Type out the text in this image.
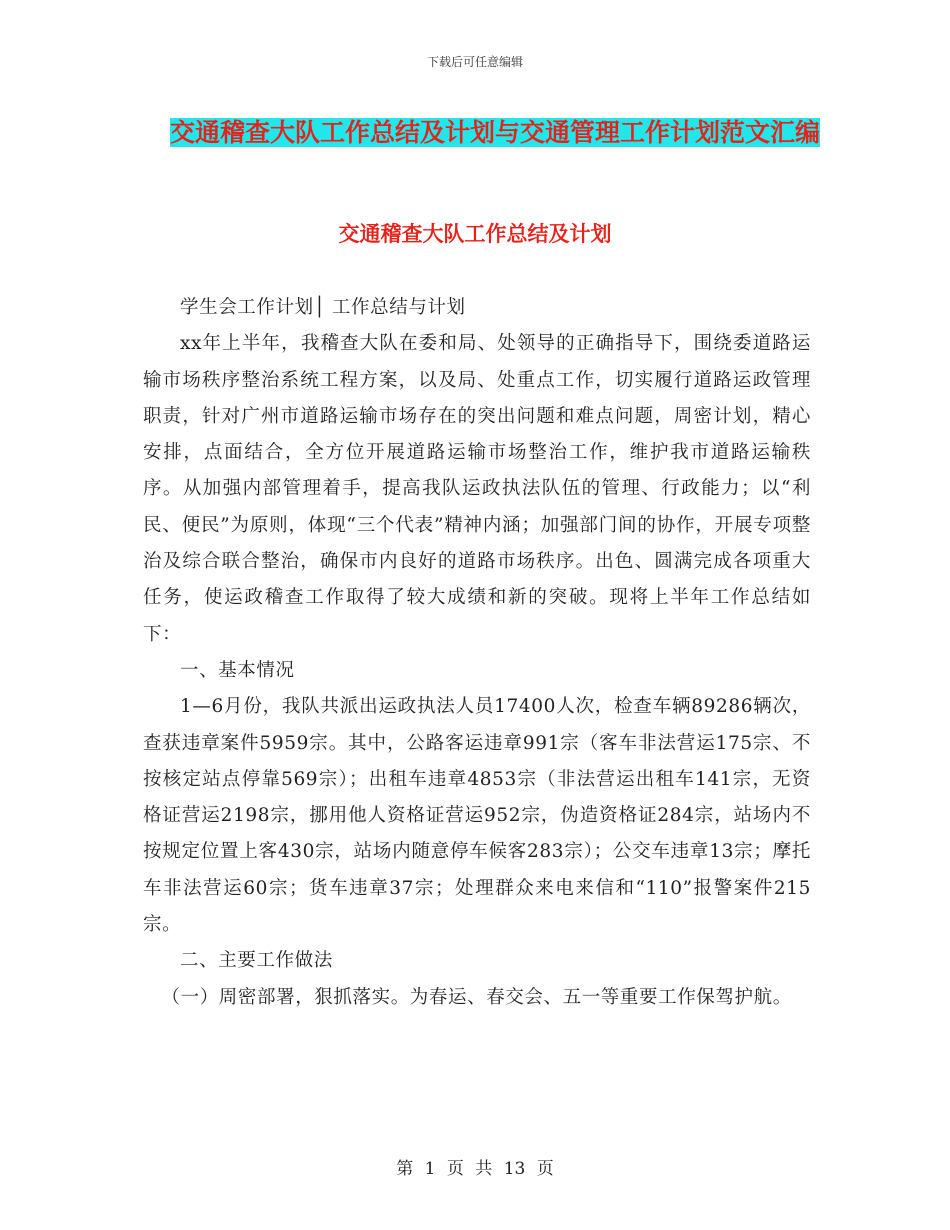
下载后可任意编辑
交通稽查大队工作总结及计划与交通管理工作计划范文汇编
交通稽查大队工作总结及计划

学生会工作计划│ 工作总结与计划

xx年上半年，我稽查大队在委和局、处领导的正确指导下，围绕委道路运输市场秩序整治系统工程方案，以及局、处重点工作，切实履行道路运政管理职责，针对广州市道路运输市场存在的突出问题和难点问题，周密计划，精心安排，点面结合，全方位开展道路运输市场整治工作，维护我市道路运输秩序。从加强内部管理着手，提高我队运政执法队伍的管理、行政能力；以“利民、便民”为原则，体现“三个代表”精神内涵；加强部门间的协作，开展专项整治及综合联合整治，确保市内良好的道路市场秩序。出色、圆满完成各项重大任务，使运政稽查工作取得了较大成绩和新的突破。现将上半年工作总结如下：

一、基本情况

1—6月份，我队共派出运政执法人员17400人次，检查车辆89286辆次，查获违章案件5959宗。其中，公路客运违章991宗（客车非法营运175宗、不按核定站点停靠569宗）；出租车违章4853宗（非法营运出租车141宗，无资格证营运2198宗，挪用他人资格证营运952宗，伪造资格证284宗，站场内不按规定位置上客430宗，站场内随意停车候客283宗）；公交车违章13宗；摩托车非法营运60宗；货车违章37宗；处理群众来电来信和“110”报警案件215宗。

二、主要工作做法

（一）周密部署，狠抓落实。为春运、春交会、五一等重要工作保驾护航。

第 1 页 共 13 页
